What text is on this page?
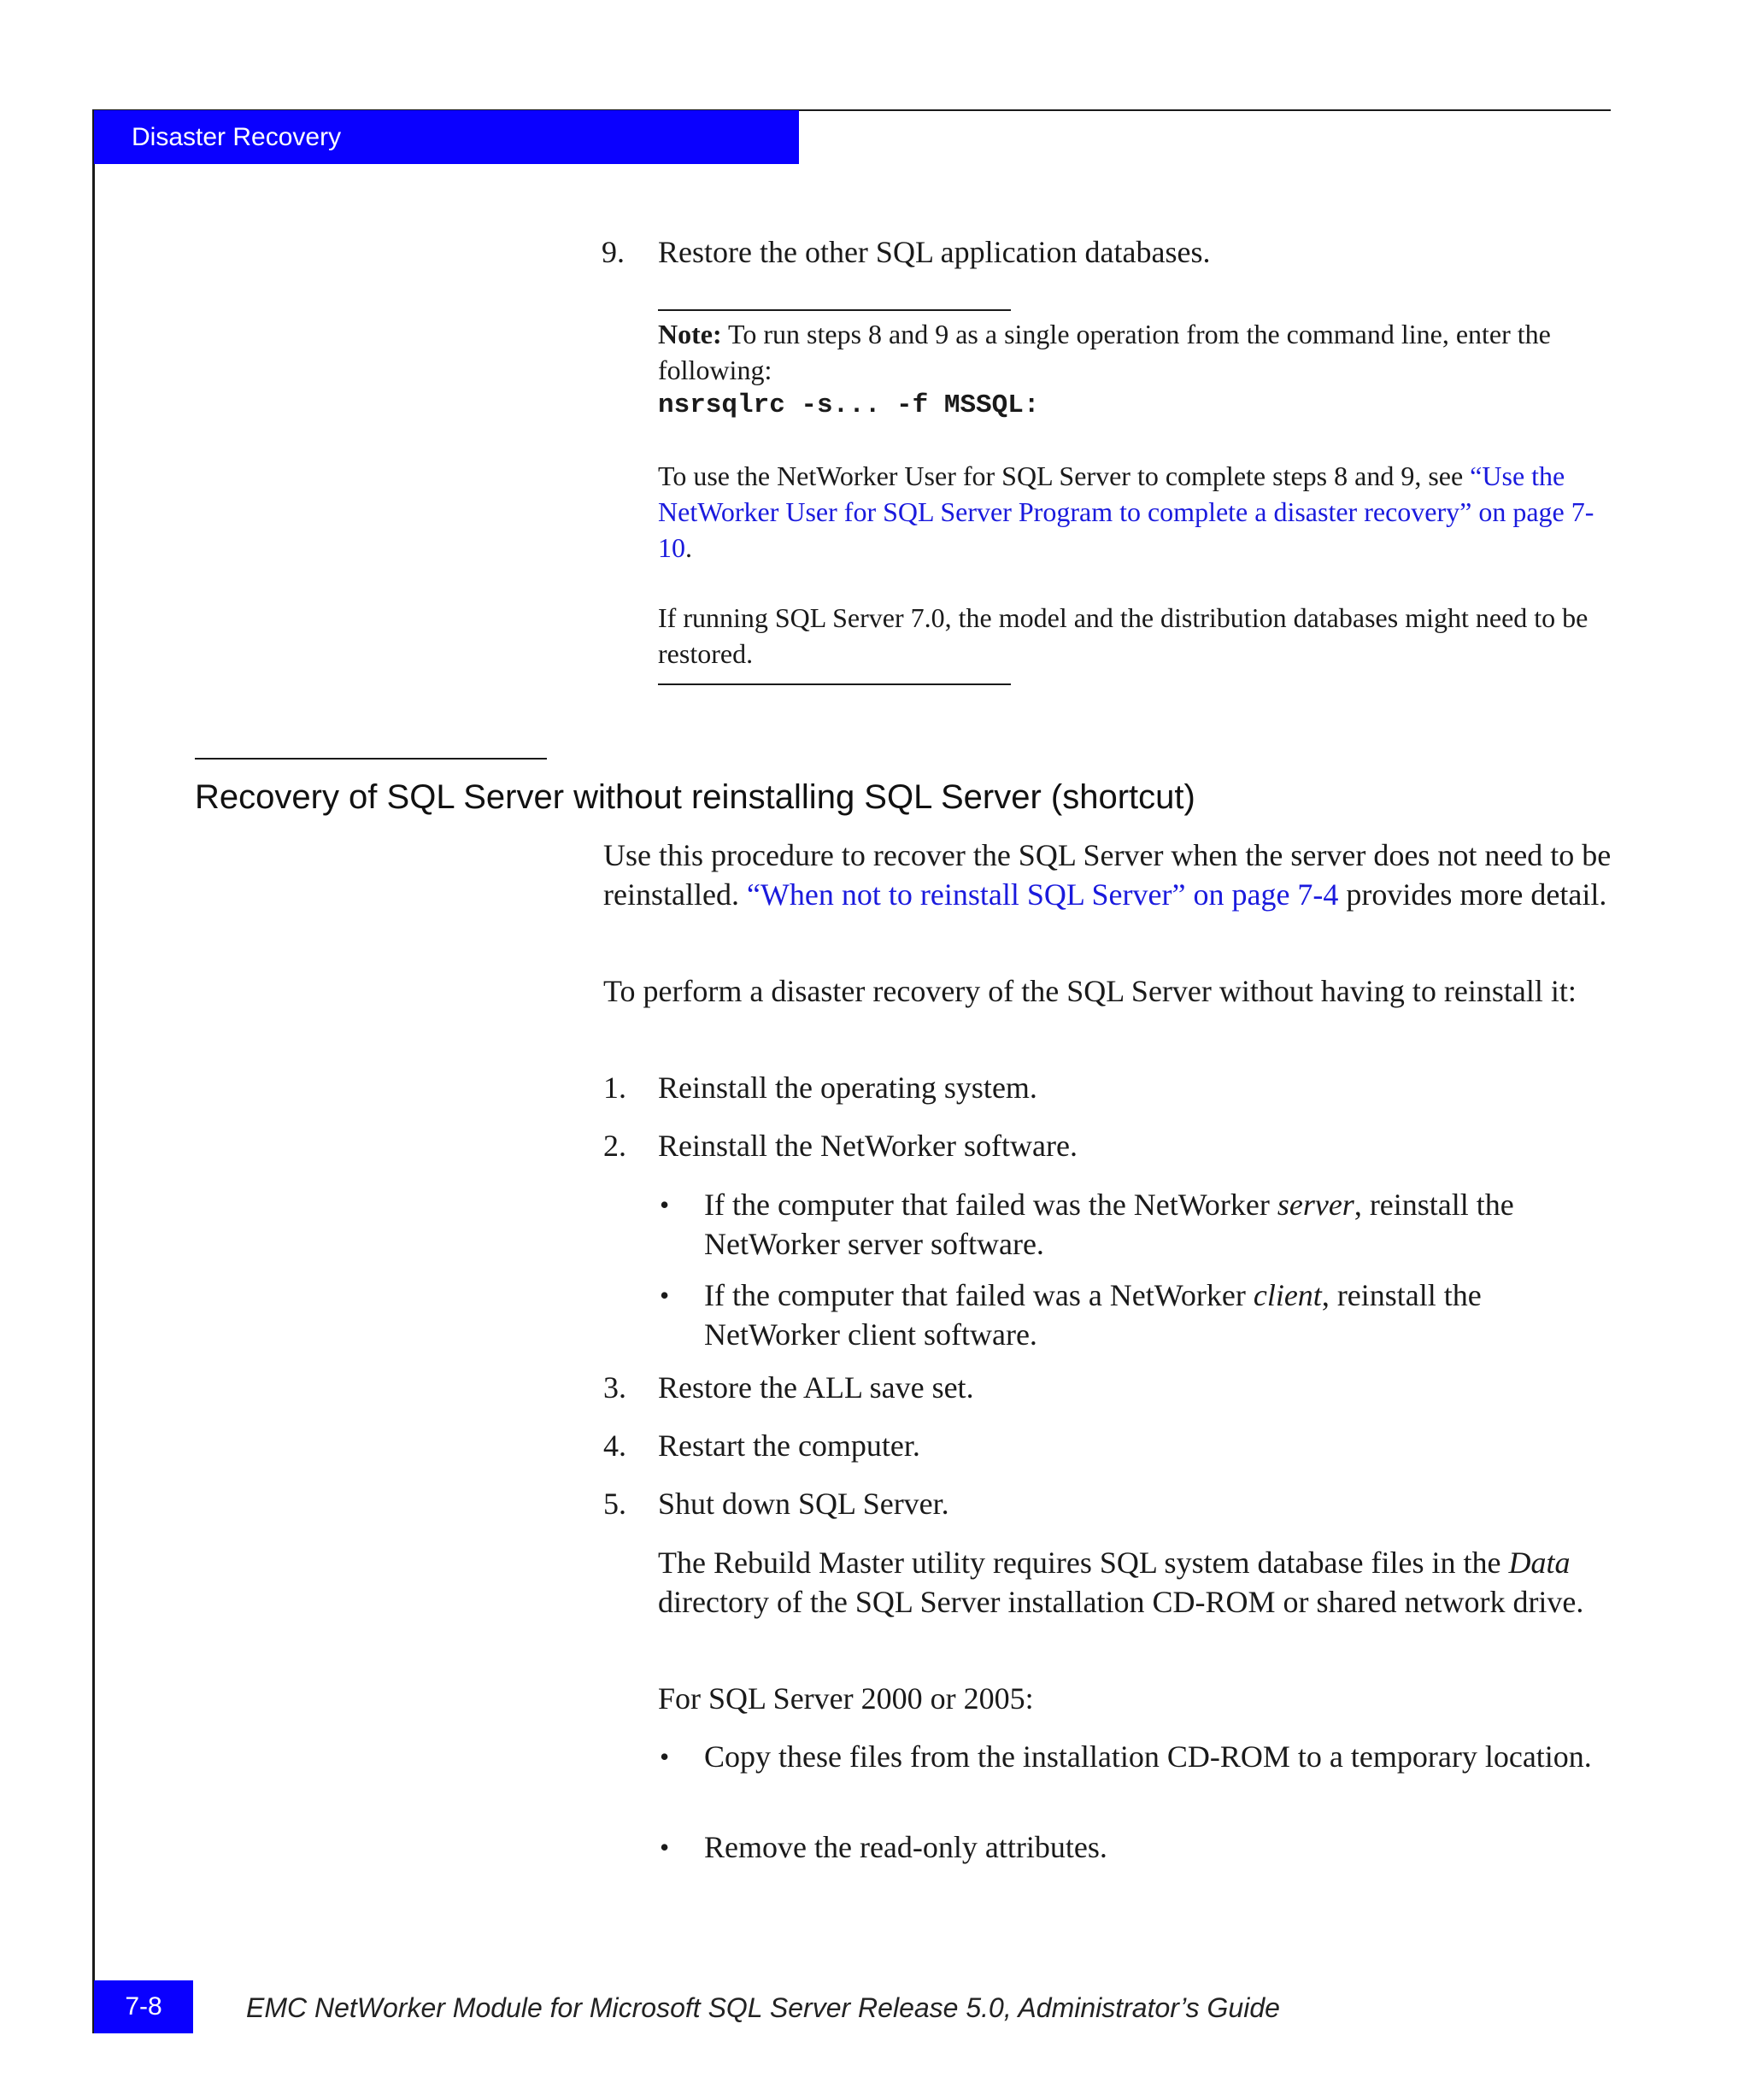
Disaster Recovery
9.	Restore the other SQL application databases.

Note: To run steps 8 and 9 as a single operation from the command line, enter the following:

nsrsqlrc -s... -f MSSQL:

To use the NetWorker User for SQL Server to complete steps 8 and 9, see “Use the NetWorker User for SQL Server Program to complete a disaster recovery” on page 7-10.

If running SQL Server 7.0, the model and the distribution databases might need to be restored.

Recovery of SQL Server without reinstalling SQL Server (shortcut)
Use this procedure to recover the SQL Server when the server does not need to be reinstalled. “When not to reinstall SQL Server” on page 7-4 provides more detail.
To perform a disaster recovery of the SQL Server without having to reinstall it:
1.	Reinstall the operating system.
2.	Reinstall the NetWorker software.
• If the computer that failed was the NetWorker server, reinstall the NetWorker server software.

• If the computer that failed was a NetWorker client, reinstall the NetWorker client software.

3.	Restore the ALL save set.
4.	Restart the computer.
5.	Shut down SQL Server.
The Rebuild Master utility requires SQL system database files in the Data directory of the SQL Server installation CD-ROM or shared network drive.
For SQL Server 2000 or 2005:
• Copy these files from the installation CD-ROM to a temporary location.

• Remove the read-only attributes.

7-8	EMC NetWorker Module for Microsoft SQL Server Release 5.0, Administrator’s Guide
